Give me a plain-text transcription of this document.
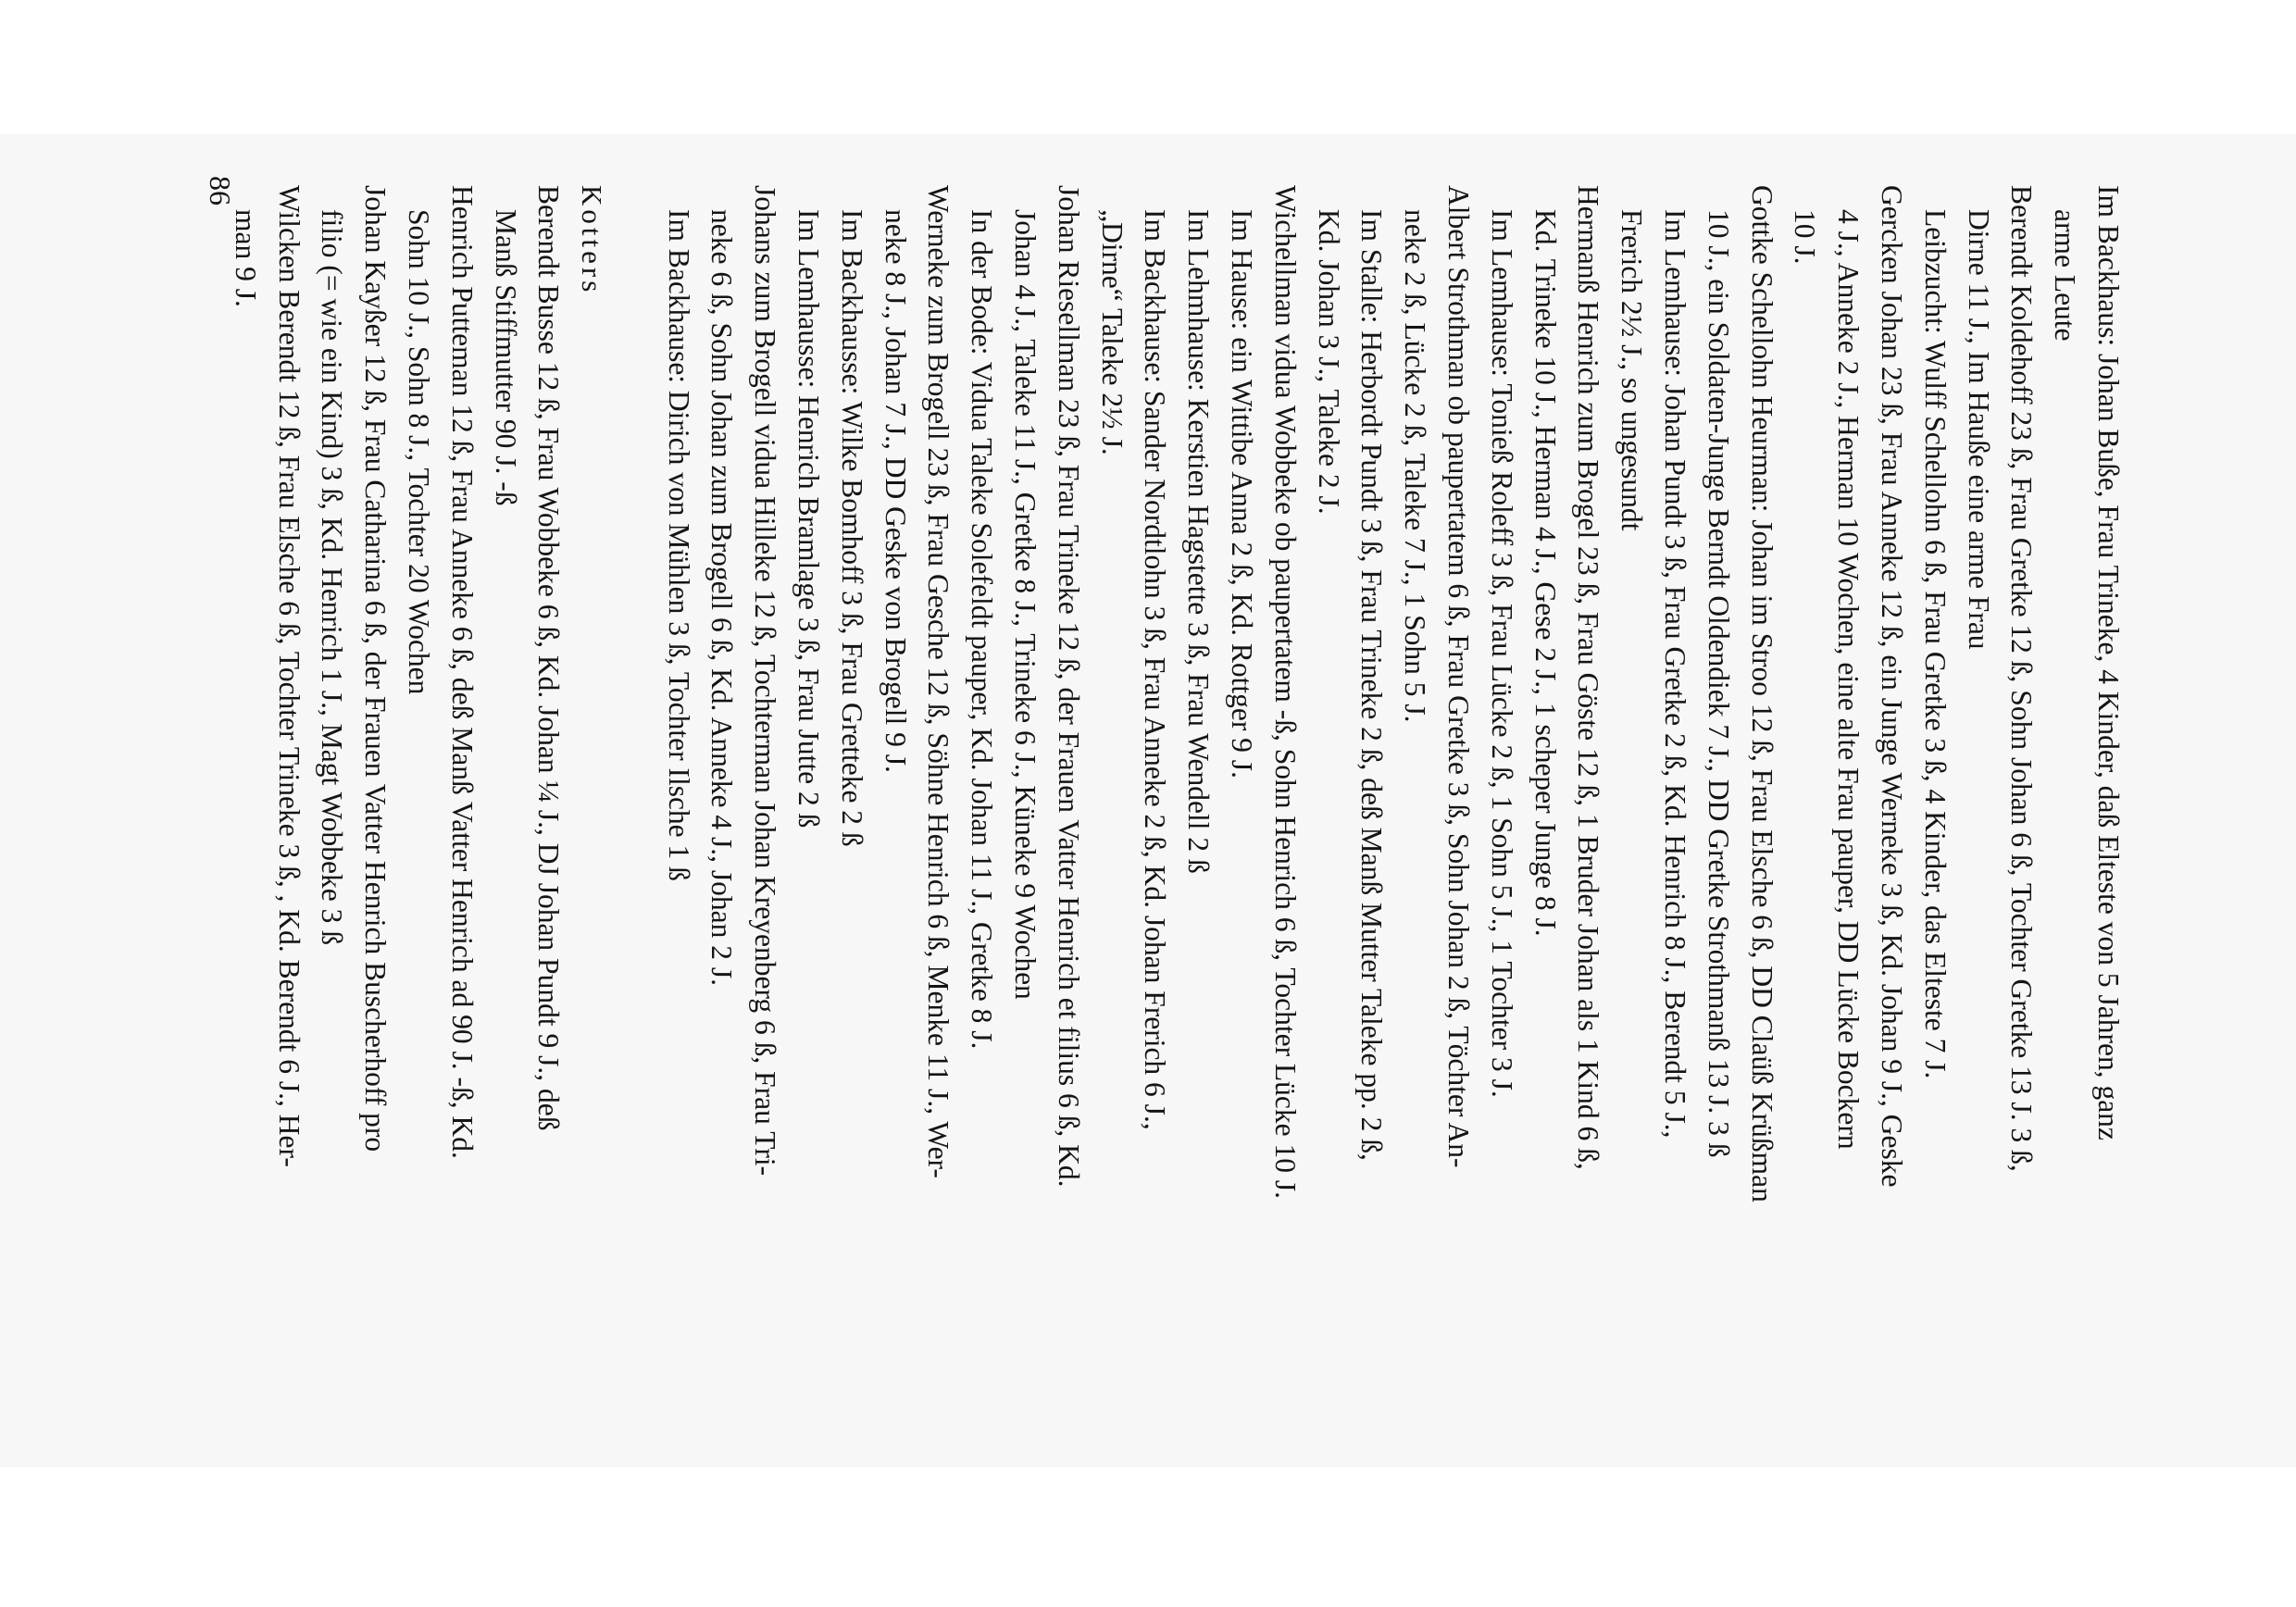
Im Backhaus: Johan Buße, Frau Trineke, 4 Kinder, daß Elteste von 5 Jahren, ganz
arme Leute
Berendt Koldehoff 23 ß, Frau Gretke 12 ß, Sohn Johan 6 ß, Tochter Gretke 13 J. 3 ß,
Dirne 11 J., Im Hauße eine arme Frau
Leibzucht: Wulff Schellohn 6 ß, Frau Gretke 3 ß, 4 Kinder, das Elteste 7 J.
Gercken Johan 23 ß, Frau Anneke 12 ß, ein Junge Werneke 3 ß, Kd. Johan 9 J., Geske
4 J., Anneke 2 J., Herman 10 Wochen, eine alte Frau pauper, DD Lücke Bockern
10 J.
Gottke Schellohn Heurman: Johan im Stroo 12 ß, Frau Elsche 6 ß, DD Claüß Krüßman
10 J., ein Soldaten-Junge Berndt Oldendiek 7 J., DD Gretke Strothmanß 13 J. 3 ß
Im Lemhause: Johan Pundt 3 ß, Frau Gretke 2 ß, Kd. Henrich 8 J., Berendt 5 J.,
Frerich 2½ J., so ungesundt
Hermanß Henrich zum Brogel 23 ß, Frau Göste 12 ß, 1 Bruder Johan als 1 Kind 6 ß,
Kd. Trineke 10 J., Herman 4 J., Gese 2 J., 1 scheper Junge 8 J.
Im Lemhause: Tonieß Roleff 3 ß, Frau Lücke 2 ß, 1 Sohn 5 J., 1 Tochter 3 J.
Albert Strothman ob paupertatem 6 ß, Frau Gretke 3 ß, Sohn Johan 2 ß, Töchter An-
neke 2 ß, Lücke 2 ß, Taleke 7 J., 1 Sohn 5 J.
Im Stalle: Herbordt Pundt 3 ß, Frau Trineke 2 ß, deß Manß Mutter Taleke pp. 2 ß,
Kd. Johan 3 J., Taleke 2 J.
Wichellman vidua Wobbeke ob paupertatem -ß, Sohn Henrich 6 ß, Tochter Lücke 10 J.
Im Hause: ein Wittibe Anna 2 ß, Kd. Rottger 9 J.
Im Lehmhause: Kerstien Hagstette 3 ß, Frau Wendell 2 ß
Im Backhause: Sander Nordtlohn 3 ß, Frau Anneke 2 ß, Kd. Johan Frerich 6 J.,
„Dirne“ Taleke 2½ J.
Johan Riesellman 23 ß, Frau Trineke 12 ß, der Frauen Vatter Henrich et filius 6 ß, Kd.
Johan 4 J., Taleke 11 J., Gretke 8 J., Trineke 6 J., Küneke 9 Wochen
In der Bode: Vidua Taleke Solefeldt pauper, Kd. Johan 11 J., Gretke 8 J.
Werneke zum Brogell 23 ß, Frau Gesche 12 ß, Söhne Henrich 6 ß, Menke 11 J., Wer-
neke 8 J., Johan 7 J., DD Geske von Brogell 9 J.
Im Backhausse: Wilke Bomhoff 3 ß, Frau Gretteke 2 ß
Im Lemhausse: Henrich Bramlage 3 ß, Frau Jutte 2 ß
Johans zum Brogell vidua Hilleke 12 ß, Tochterman Johan Kreyenberg 6 ß, Frau Tri-
neke 6 ß, Sohn Johan zum Brogell 6 ß, Kd. Anneke 4 J., Johan 2 J.
Im Backhause: Dirich von Mühlen 3 ß, Tochter Ilsche 1 ß
Kotters
Berendt Busse 12 ß, Frau Wobbeke 6 ß, Kd. Johan ¼ J., DJ Johan Pundt 9 J., deß
Manß Stiffmutter 90 J. -ß
Henrich Putteman 12 ß, Frau Anneke 6 ß, deß Manß Vatter Henrich ad 90 J. -ß, Kd.
Sohn 10 J., Sohn 8 J., Tochter 20 Wochen
Johan Kayßer 12 ß, Frau Catharina 6 ß, der Frauen Vatter Henrich Buscherhoff pro
filio (= wie ein Kind) 3 ß, Kd. Henrich 1 J., Magt Wobbeke 3 ß
Wilcken Berendt 12 ß, Frau Elsche 6 ß, Tochter Trineke 3 ß, , Kd. Berendt 6 J., Her-
man 9 J.
86
